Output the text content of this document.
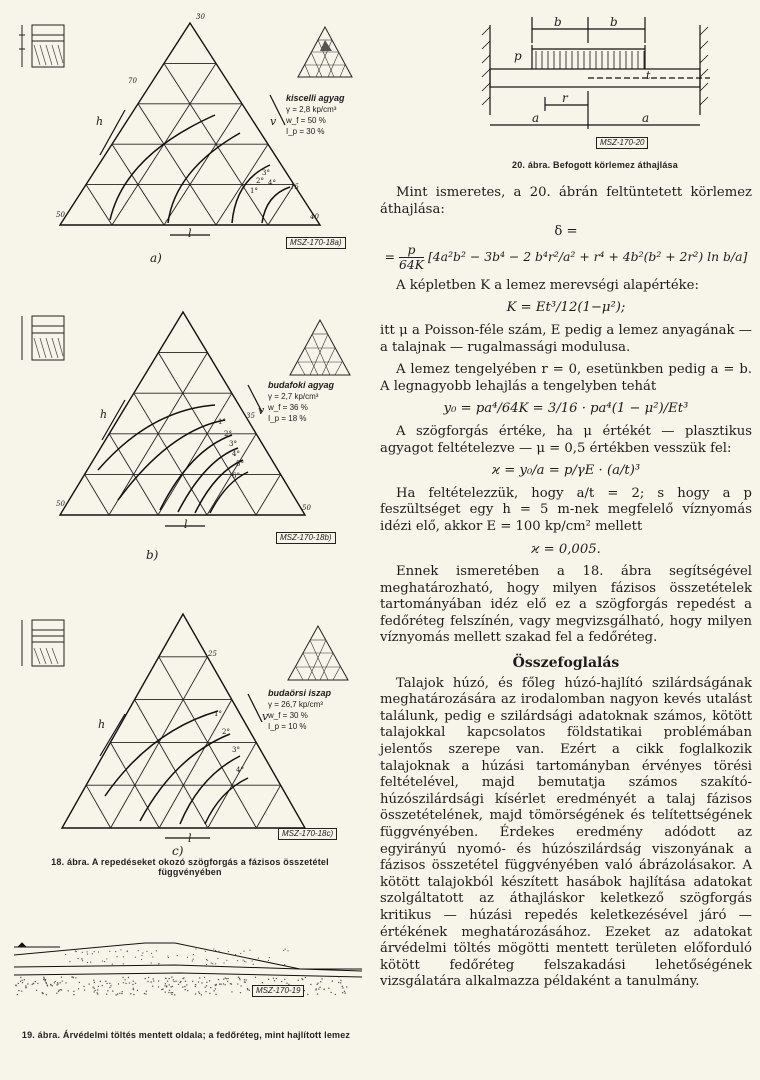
h	v
l
30
70
15
50	40
1°
2°
3°
4°
kiscelli agyag
γ = 2,8 kp/cm³
w_f = 50 %
I_p = 30 %
MSZ-170-18a)
a)
h	v
l
35
50	50
1°
2°
3°
4°
5°
6°
budafoki agyag
γ = 2,7 kp/cm³
w_f = 36 %
I_p = 18 %
MSZ-170-18b)
b)
h
v
l
25
1°
2°
3°
4°
budaörsi iszap
γ = 26,7 kp/cm³
w_f = 30 %
I_p = 10 %
MSZ-170-18c)
c)
18. ábra. A repedéseket okozó szögforgás a fázisos összetétel függvényében
MSZ-170-19
19. ábra. Árvédelmi töltés mentett oldala; a fedőréteg, mint hajlított lemez
b	b
p
r
t
a	a
MSZ-170-20
20. ábra. Befogott körlemez áthajlása

Mint ismeretes, a 20. ábrán feltüntetett körlemez áthajlása:

δ =
= $\frac{p}{64K} [4a^2b^2 - 3b^4 - 2$ b⁴r²/a² + r⁴ + 4b²(b² + 2r²) ln b/a]

A képletben K a lemez merevségi alapértéke:

K = Et³/12(1−μ²);

itt μ a Poisson-féle szám, E pedig a lemez anyagának — a talajnak — rugalmassági modulusa.

A lemez tengelyében r = 0, esetünkben pedig a = b. A legnagyobb lehajlás a tengelyben tehát

y₀ = pa⁴/64K = 3/16 · pa⁴(1 − μ²)/Et³

A szögforgás értéke, ha μ értékét — plasztikus agyagot feltételezve — μ = 0,5 értékben vesszük fel:

ϰ = y₀/a = p/γE · (a/t)³

Ha feltételezzük, hogy a/t = 2; s hogy a p feszültséget egy h = 5 m-nek megfelelő víznyomás idézi elő, akkor E = 100 kp/cm² mellett

ϰ = 0,005.

Ennek ismeretében a 18. ábra segítségével meghatározható, hogy milyen fázisos összetételek tartományában idéz elő ez a szögforgás repedést a fedőréteg felszínén, vagy megvizsgálható, hogy milyen víznyomás mellett szakad fel a fedőréteg.

Összefoglalás

Talajok húzó, és főleg húzó-hajlító szilárdságának meghatározására az irodalomban nagyon kevés utalást találunk, pedig e szilárdsági adatoknak számos, kötött talajokkal kapcsolatos földstatikai problémában jelentős szerepe van. Ezért a cikk foglalkozik talajoknak a húzási tartományban érvényes törési feltételével, majd bemutatja számos szakító-húzószilárdsági kísérlet eredményét a talaj fázisos összetételének, majd tömörségének és telítettségének függvényében. Érdekes eredmény adódott az egyirányú nyomó- és húzószilárdság viszonyának a fázisos összetétel függvényében való ábrázolásakor. A kötött talajokból készített hasábok hajlítása adatokat szolgáltatott az áthajláskor keletkező szögforgás kritikus — húzási repedés keletkezésével járó — értékének meghatározásához. Ezeket az adatokat árvédelmi töltés mögötti mentett területen előforduló kötött fedőréteg felszakadási lehetőségének vizsgálatára alkalmazza példaként a tanulmány.
